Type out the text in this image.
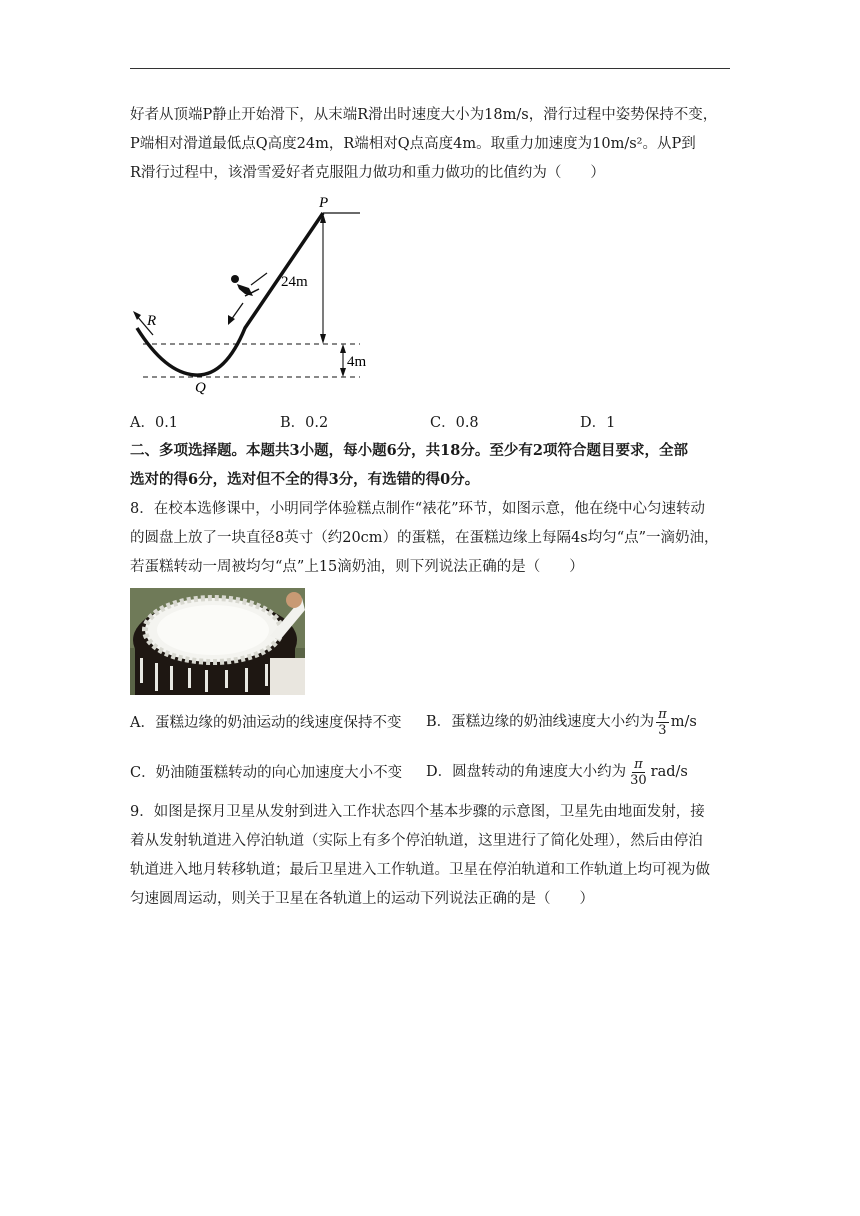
好者从顶端P静止开始滑下，从末端R滑出时速度大小为18m/s，滑行过程中姿势保持不变，
P端相对滑道最低点Q高度24m，R端相对Q点高度4m。取重力加速度为10m/s²。从P到
R滑行过程中，该滑雪爱好者克服阻力做功和重力做功的比值约为（　　）
P
Q
R
24m
4m
A．0.1	B．0.2	C．0.8	D．1
二、多项选择题。本题共3小题，每小题6分，共18分。至少有2项符合题目要求，全部
选对的得6分，选对但不全的得3分，有选错的得0分。
8．在校本选修课中，小明同学体验糕点制作“裱花”环节，如图示意，他在绕中心匀速转动
的圆盘上放了一块直径8英寸（约20cm）的蛋糕，在蛋糕边缘上每隔4s均匀“点”一滴奶油，
若蛋糕转动一周被均匀“点”上15滴奶油，则下列说法正确的是（　　）
A．蛋糕边缘的奶油运动的线速度保持不变 B．蛋糕边缘的奶油线速度大小约为 $\frac{\pi}{3} m/s$
C．奶油随蛋糕转动的向心加速度大小不变 D．圆盘转动的角速度大小约为 $\frac{\pi}{30} rad/s$
9．如图是探月卫星从发射到进入工作状态四个基本步骤的示意图，卫星先由地面发射，接
着从发射轨道进入停泊轨道（实际上有多个停泊轨道，这里进行了简化处理），然后由停泊
轨道进入地月转移轨道；最后卫星进入工作轨道。卫星在停泊轨道和工作轨道上均可视为做
匀速圆周运动，则关于卫星在各轨道上的运动下列说法正确的是（　　）
